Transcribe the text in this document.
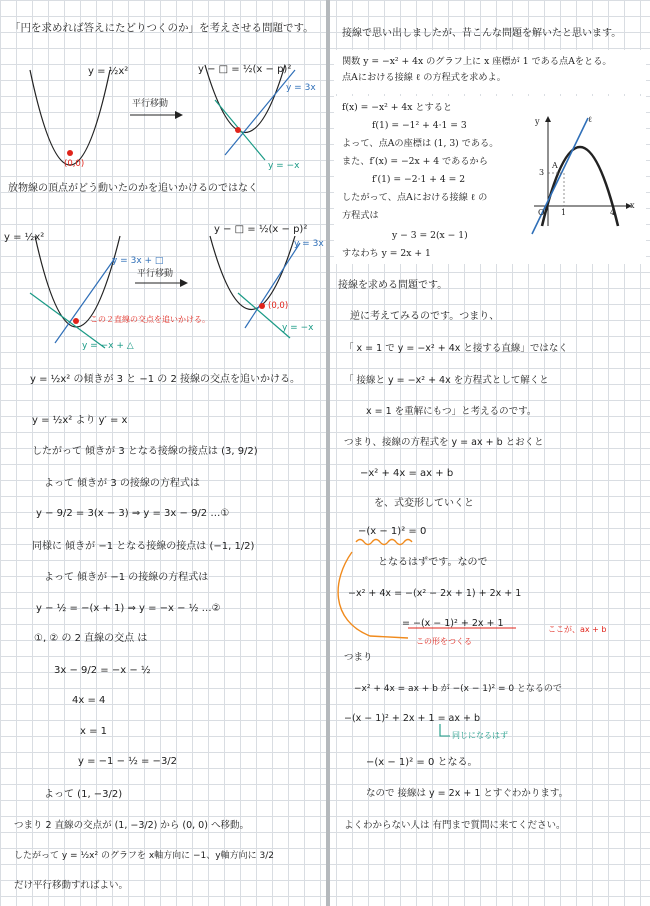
「円を求めれば答えにたどりつくのか」を考えさせる問題です。
y = ½x²	y − □ = ½(x − p)²
平行移動
(0,0)
y = 3x
y = −x
放物線の頂点がどう動いたのかを追いかけるのではなく
y = ½x²
y − □ = ½(x − p)²
平行移動
y = 3x + □
y = −x + △
この２直線の交点を追いかける。
(0,0)
y = 3x
y = −x
y = ½x² の傾きが 3 と −1 の 2 接線の交点を追いかける。
y = ½x² より y′ = x
したがって 傾きが 3 となる接線の接点は (3, 9/2)
よって 傾きが 3 の接線の方程式は
y − 9/2 = 3(x − 3) ⇒ y = 3x − 9/2 …①
同様に 傾きが −1 となる接線の接点は (−1, 1/2)
よって 傾きが −1 の接線の方程式は
y − ½ = −(x + 1) ⇒ y = −x − ½ …②
①, ② の 2 直線の交点 は
3x − 9/2 = −x − ½
4x = 4
x = 1
y = −1 − ½ = −3/2
よって (1, −3/2)
つまり 2 直線の交点が (1, −3/2) から (0, 0) へ移動。
したがって y = ½x² のグラフを x軸方向に −1、y軸方向に 3/2
だけ平行移動すればよい。
接線で思い出しましたが、昔こんな問題を解いたと思います。
関数 y = −x² + 4x のグラフ上に x 座標が 1 である点Aをとる。
点Aにおける接線 ℓ の方程式を求めよ。
f(x) = −x² + 4x とすると
f(1) = −1² + 4·1 = 3
よって、点Aの座標は (1, 3) である。
また、f′(x) = −2x + 4 であるから
f′(1) = −2·1 + 4 = 2
したがって、点Aにおける接線 ℓ の
方程式は
y − 3 = 2(x − 1)
すなわち y = 2x + 1
y
x
ℓ
A
O 1	4
3
接線を求める問題です。
逆に考えてみるのです。つまり、
「 x = 1 で y = −x² + 4x と接する直線」ではなく
「 接線と y = −x² + 4x を方程式として解くと
x = 1 を重解にもつ」と考えるのです。
つまり、接線の方程式を y = ax + b とおくと
−x² + 4x = ax + b
を、式変形していくと
−(x − 1)² = 0
となるはずです。なので
−x² + 4x = −(x² − 2x + 1) + 2x + 1
= −(x − 1)² + 2x + 1
ここが、ax + b
この形をつくる
つまり
−x² + 4x = ax + b が −(x − 1)² = 0 となるので
−(x − 1)² + 2x + 1 = ax + b
同じになるはず
−(x − 1)² = 0 となる。
なので 接線は y = 2x + 1 とすぐわかります。
よくわからない人は 有門まで質問に来てください。
